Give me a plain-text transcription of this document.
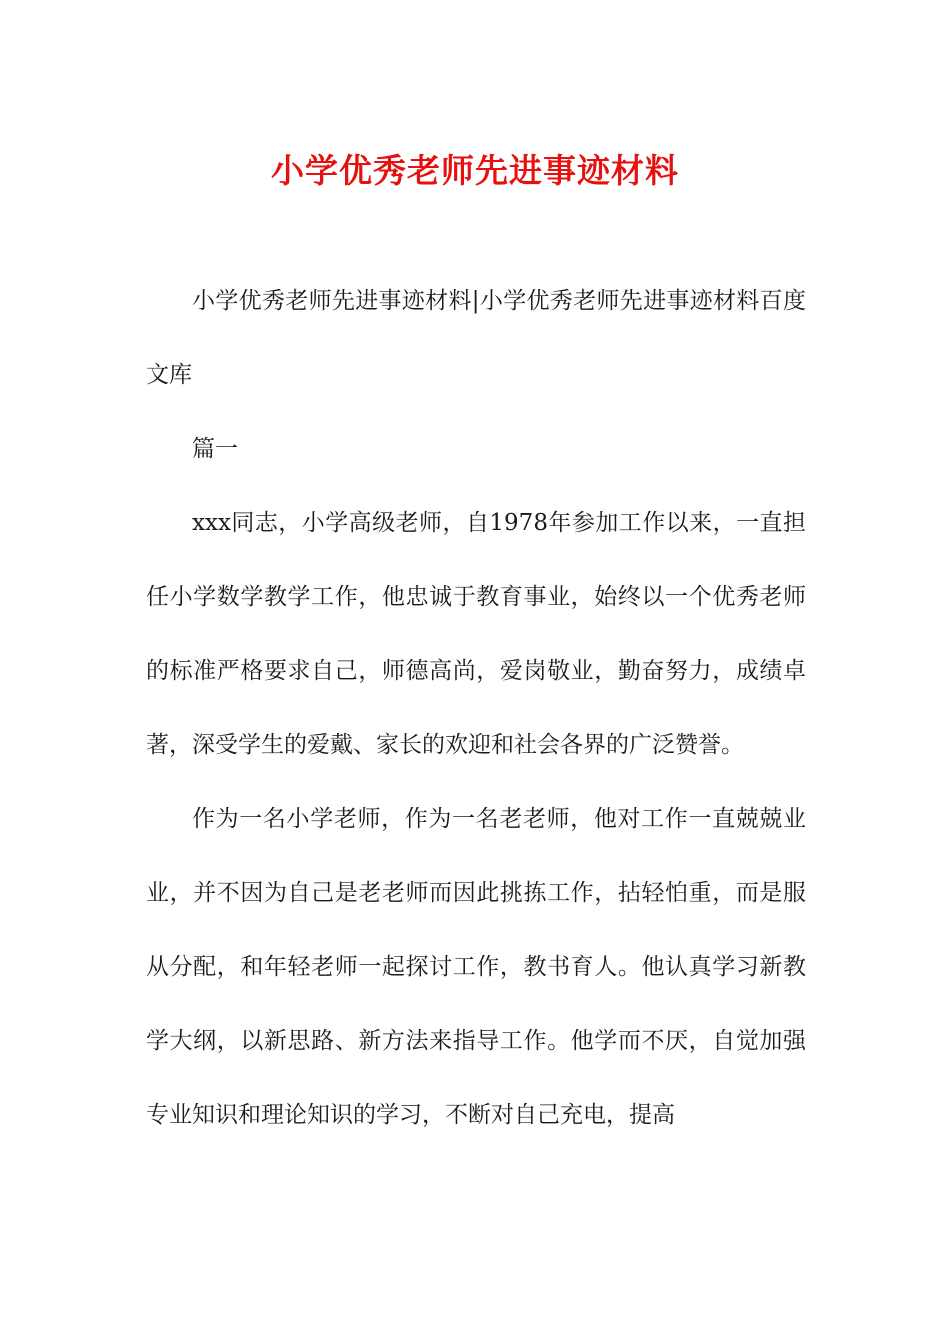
小学优秀老师先进事迹材料

小学优秀老师先进事迹材料|小学优秀老师先进事迹材料百度文库

篇一

xxx同志，小学高级老师，自1978年参加工作以来，一直担任小学数学教学工作，他忠诚于教育事业，始终以一个优秀老师的标准严格要求自己，师德高尚，爱岗敬业，勤奋努力，成绩卓著，深受学生的爱戴、家长的欢迎和社会各界的广泛赞誉。

作为一名小学老师，作为一名老老师，他对工作一直兢兢业业，并不因为自己是老老师而因此挑拣工作，拈轻怕重，而是服从分配，和年轻老师一起探讨工作，教书育人。他认真学习新教学大纲，以新思路、新方法来指导工作。他学而不厌，自觉加强专业知识和理论知识的学习，不断对自己充电，提高
